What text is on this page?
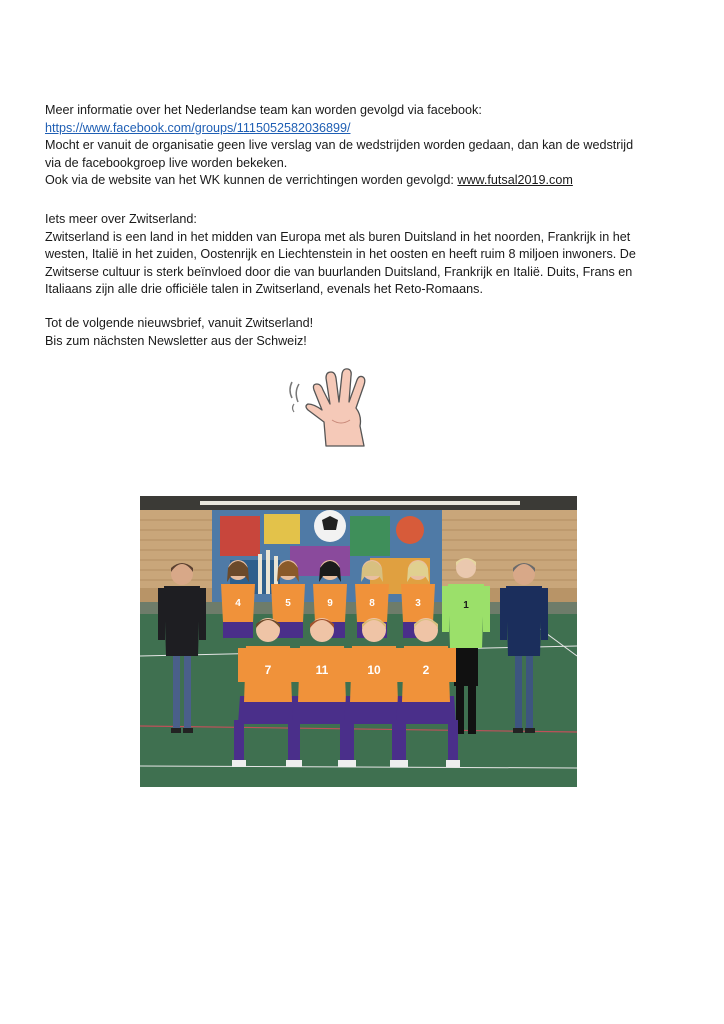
Meer informatie over het Nederlandse team kan worden gevolgd via facebook:

https://www.facebook.com/groups/1115052582036899/

Mocht er vanuit de organisatie geen live verslag van de wedstrijden worden gedaan, dan kan de wedstrijd

via de facebookgroep live worden bekeken.

Ook via de website van het WK kunnen de verrichtingen worden gevolgd: www.futsal2019.com

Iets meer over Zwitserland:

Zwitserland is een land in het midden van Europa met als buren Duitsland in het noorden, Frankrijk in het

westen, Italië in het zuiden, Oostenrijk en Liechtenstein in het oosten en heeft ruim 8 miljoen inwoners. De

Zwitserse cultuur is sterk beïnvloed door die van buurlanden Duitsland, Frankrijk en Italië. Duits, Frans en

Italiaans zijn alle drie officiële talen in Zwitserland, evenals het Reto-Romaans.

Tot de volgende nieuwsbrief, vanuit Zwitserland!

Bis zum nächsten Newsletter aus der Schweiz!

4	5	9	8	3	1
7	11	10	2
